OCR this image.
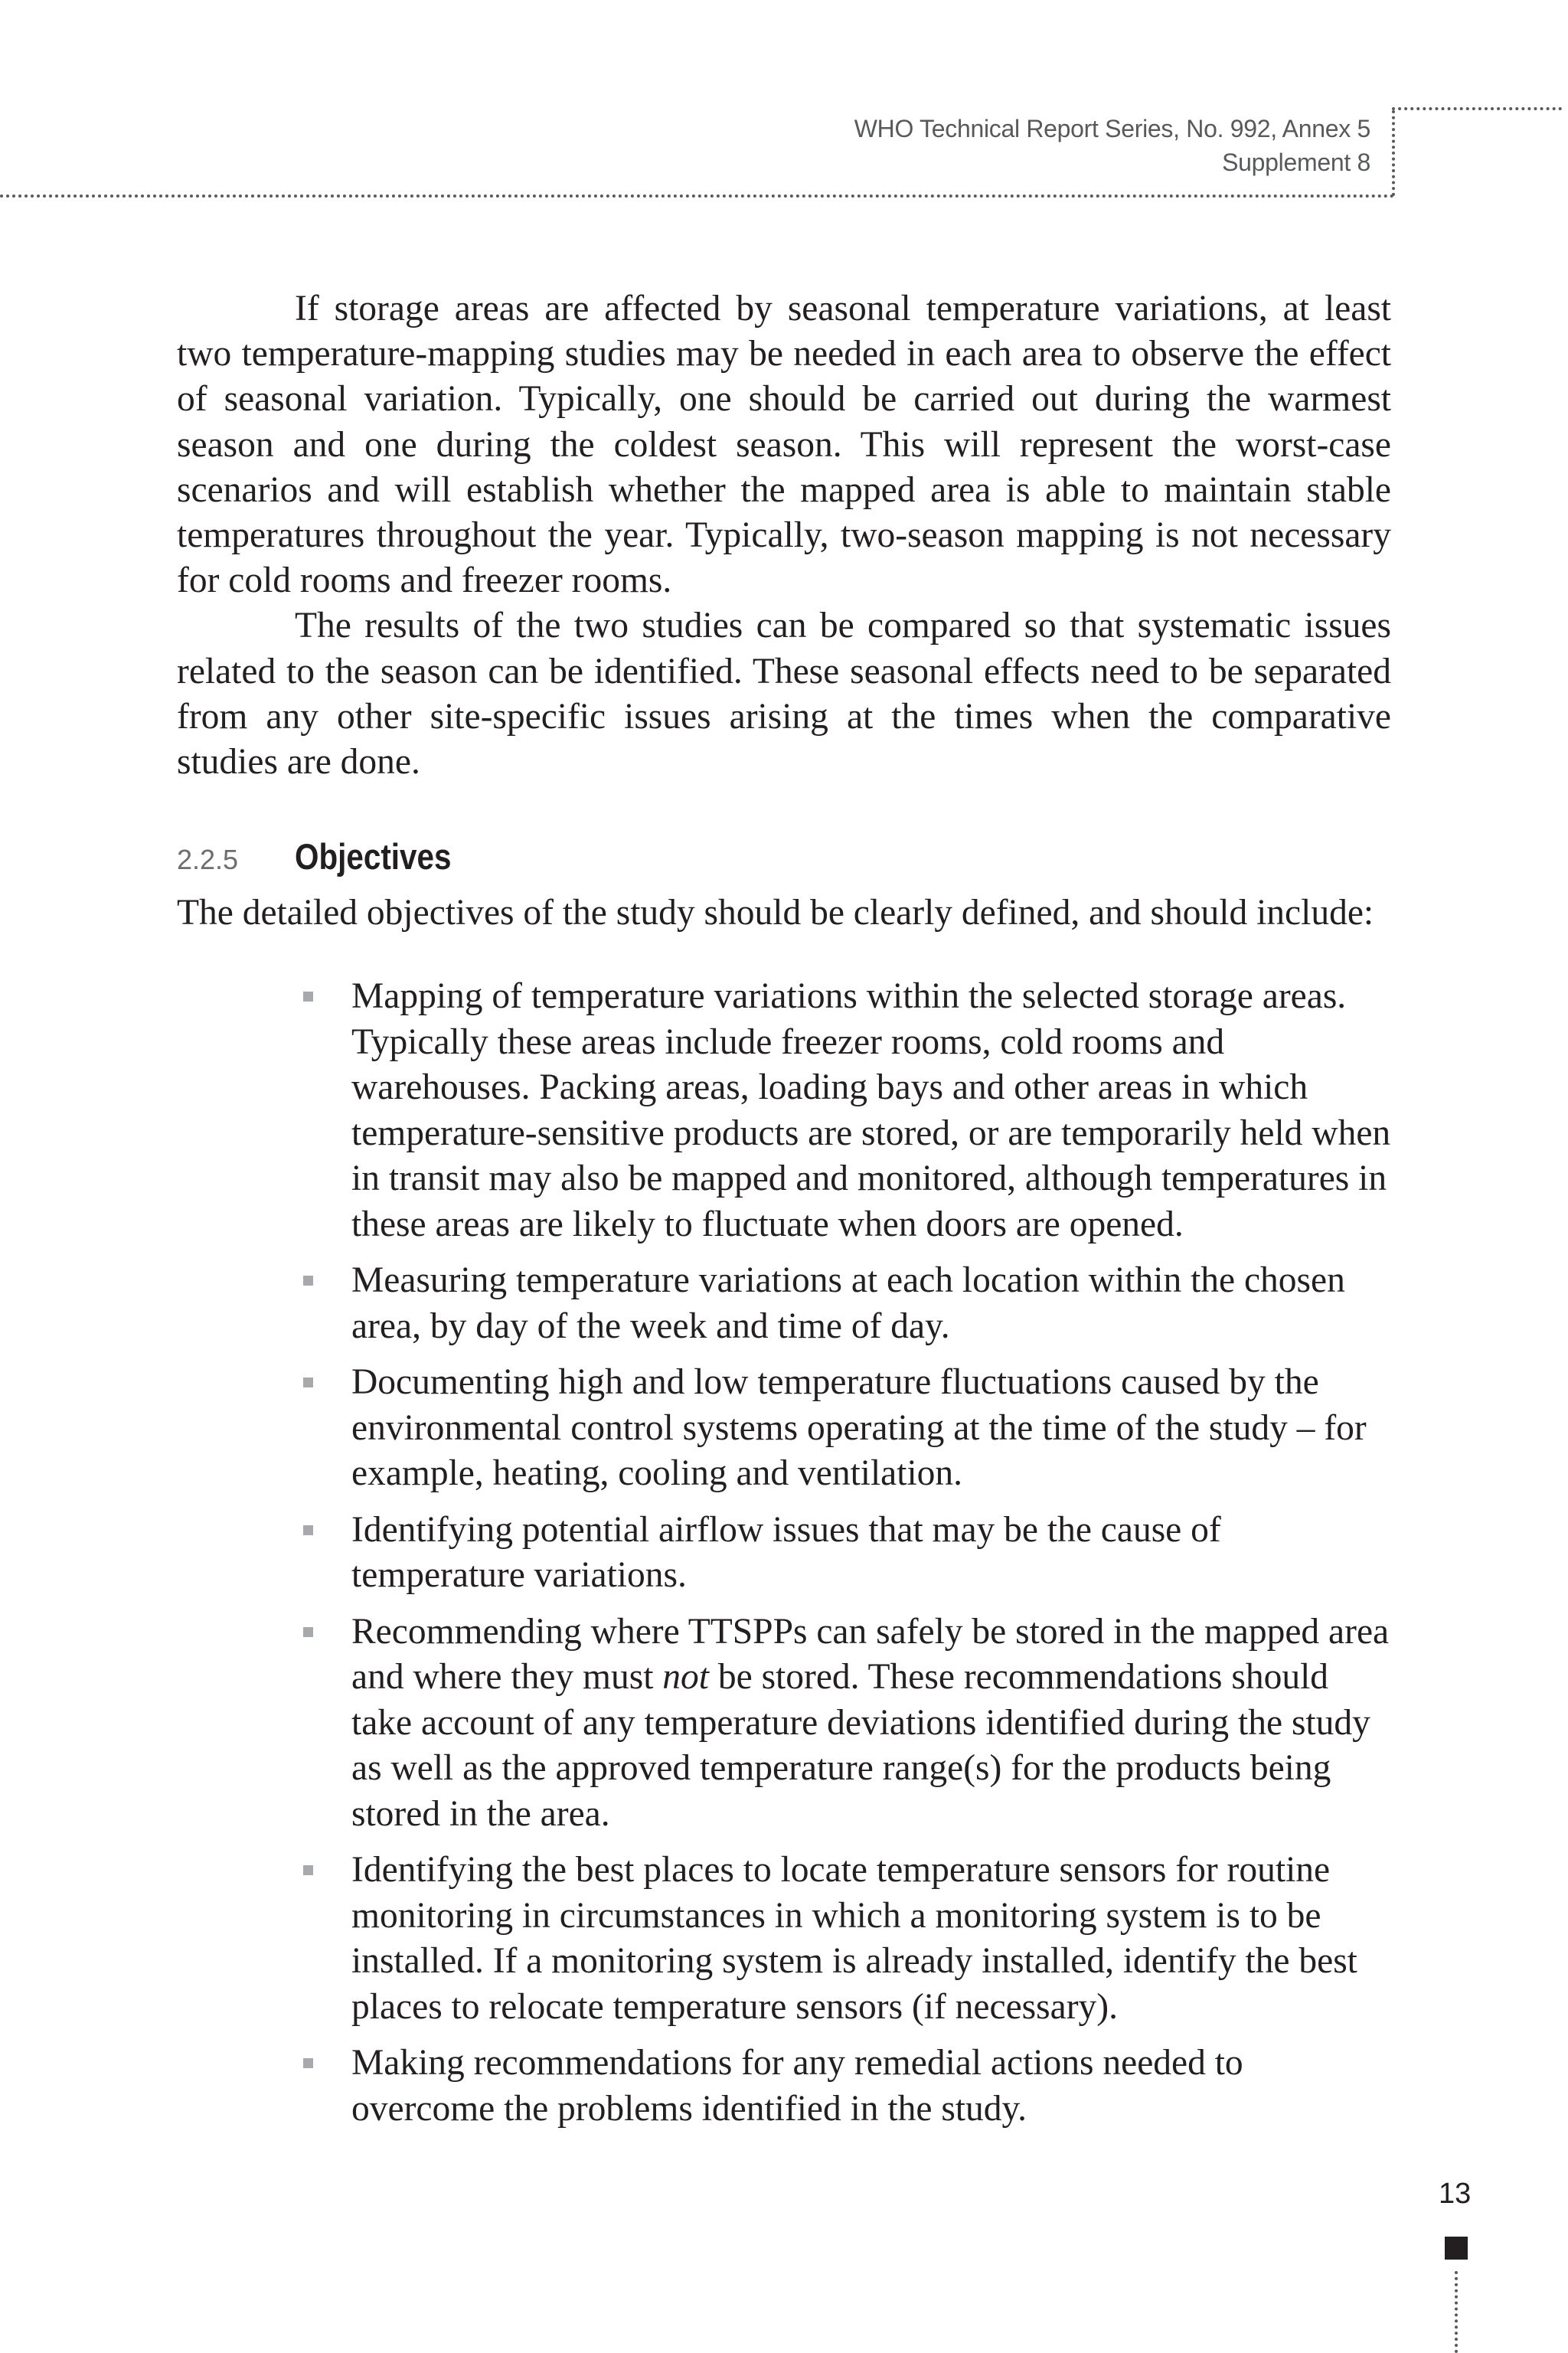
WHO Technical Report Series, No. 992, Annex 5
Supplement 8

If storage areas are affected by seasonal temperature variations, at least two temperature-mapping studies may be needed in each area to observe the effect of seasonal variation. Typically, one should be carried out during the warmest season and one during the coldest season. This will represent the worst-case scenarios and will establish whether the mapped area is able to maintain stable temperatures throughout the year. Typically, two-season mapping is not necessary for cold rooms and freezer rooms.

The results of the two studies can be compared so that systematic issues related to the season can be identified. These seasonal effects need to be separated from any other site-specific issues arising at the times when the comparative studies are done.

2.2.5	Objectives

The detailed objectives of the study should be clearly defined, and should include:

Mapping of temperature variations within the selected storage areas. Typically these areas include freezer rooms, cold rooms and warehouses. Packing areas, loading bays and other areas in which temperature-sensitive products are stored, or are temporarily held when in transit may also be mapped and monitored, although temperatures in these areas are likely to fluctuate when doors are opened.
Measuring temperature variations at each location within the chosen area, by day of the week and time of day.
Documenting high and low temperature fluctuations caused by the environmental control systems operating at the time of the study – for example, heating, cooling and ventilation.
Identifying potential airflow issues that may be the cause of temperature variations.
Recommending where TTSPPs can safely be stored in the mapped area and where they must not be stored. These recommendations should take account of any temperature deviations identified during the study as well as the approved temperature range(s) for the products being stored in the area.
Identifying the best places to locate temperature sensors for routine monitoring in circumstances in which a monitoring system is to be installed. If a monitoring system is already installed, identify the best places to relocate temperature sensors (if necessary).
Making recommendations for any remedial actions needed to overcome the problems identified in the study.
13
